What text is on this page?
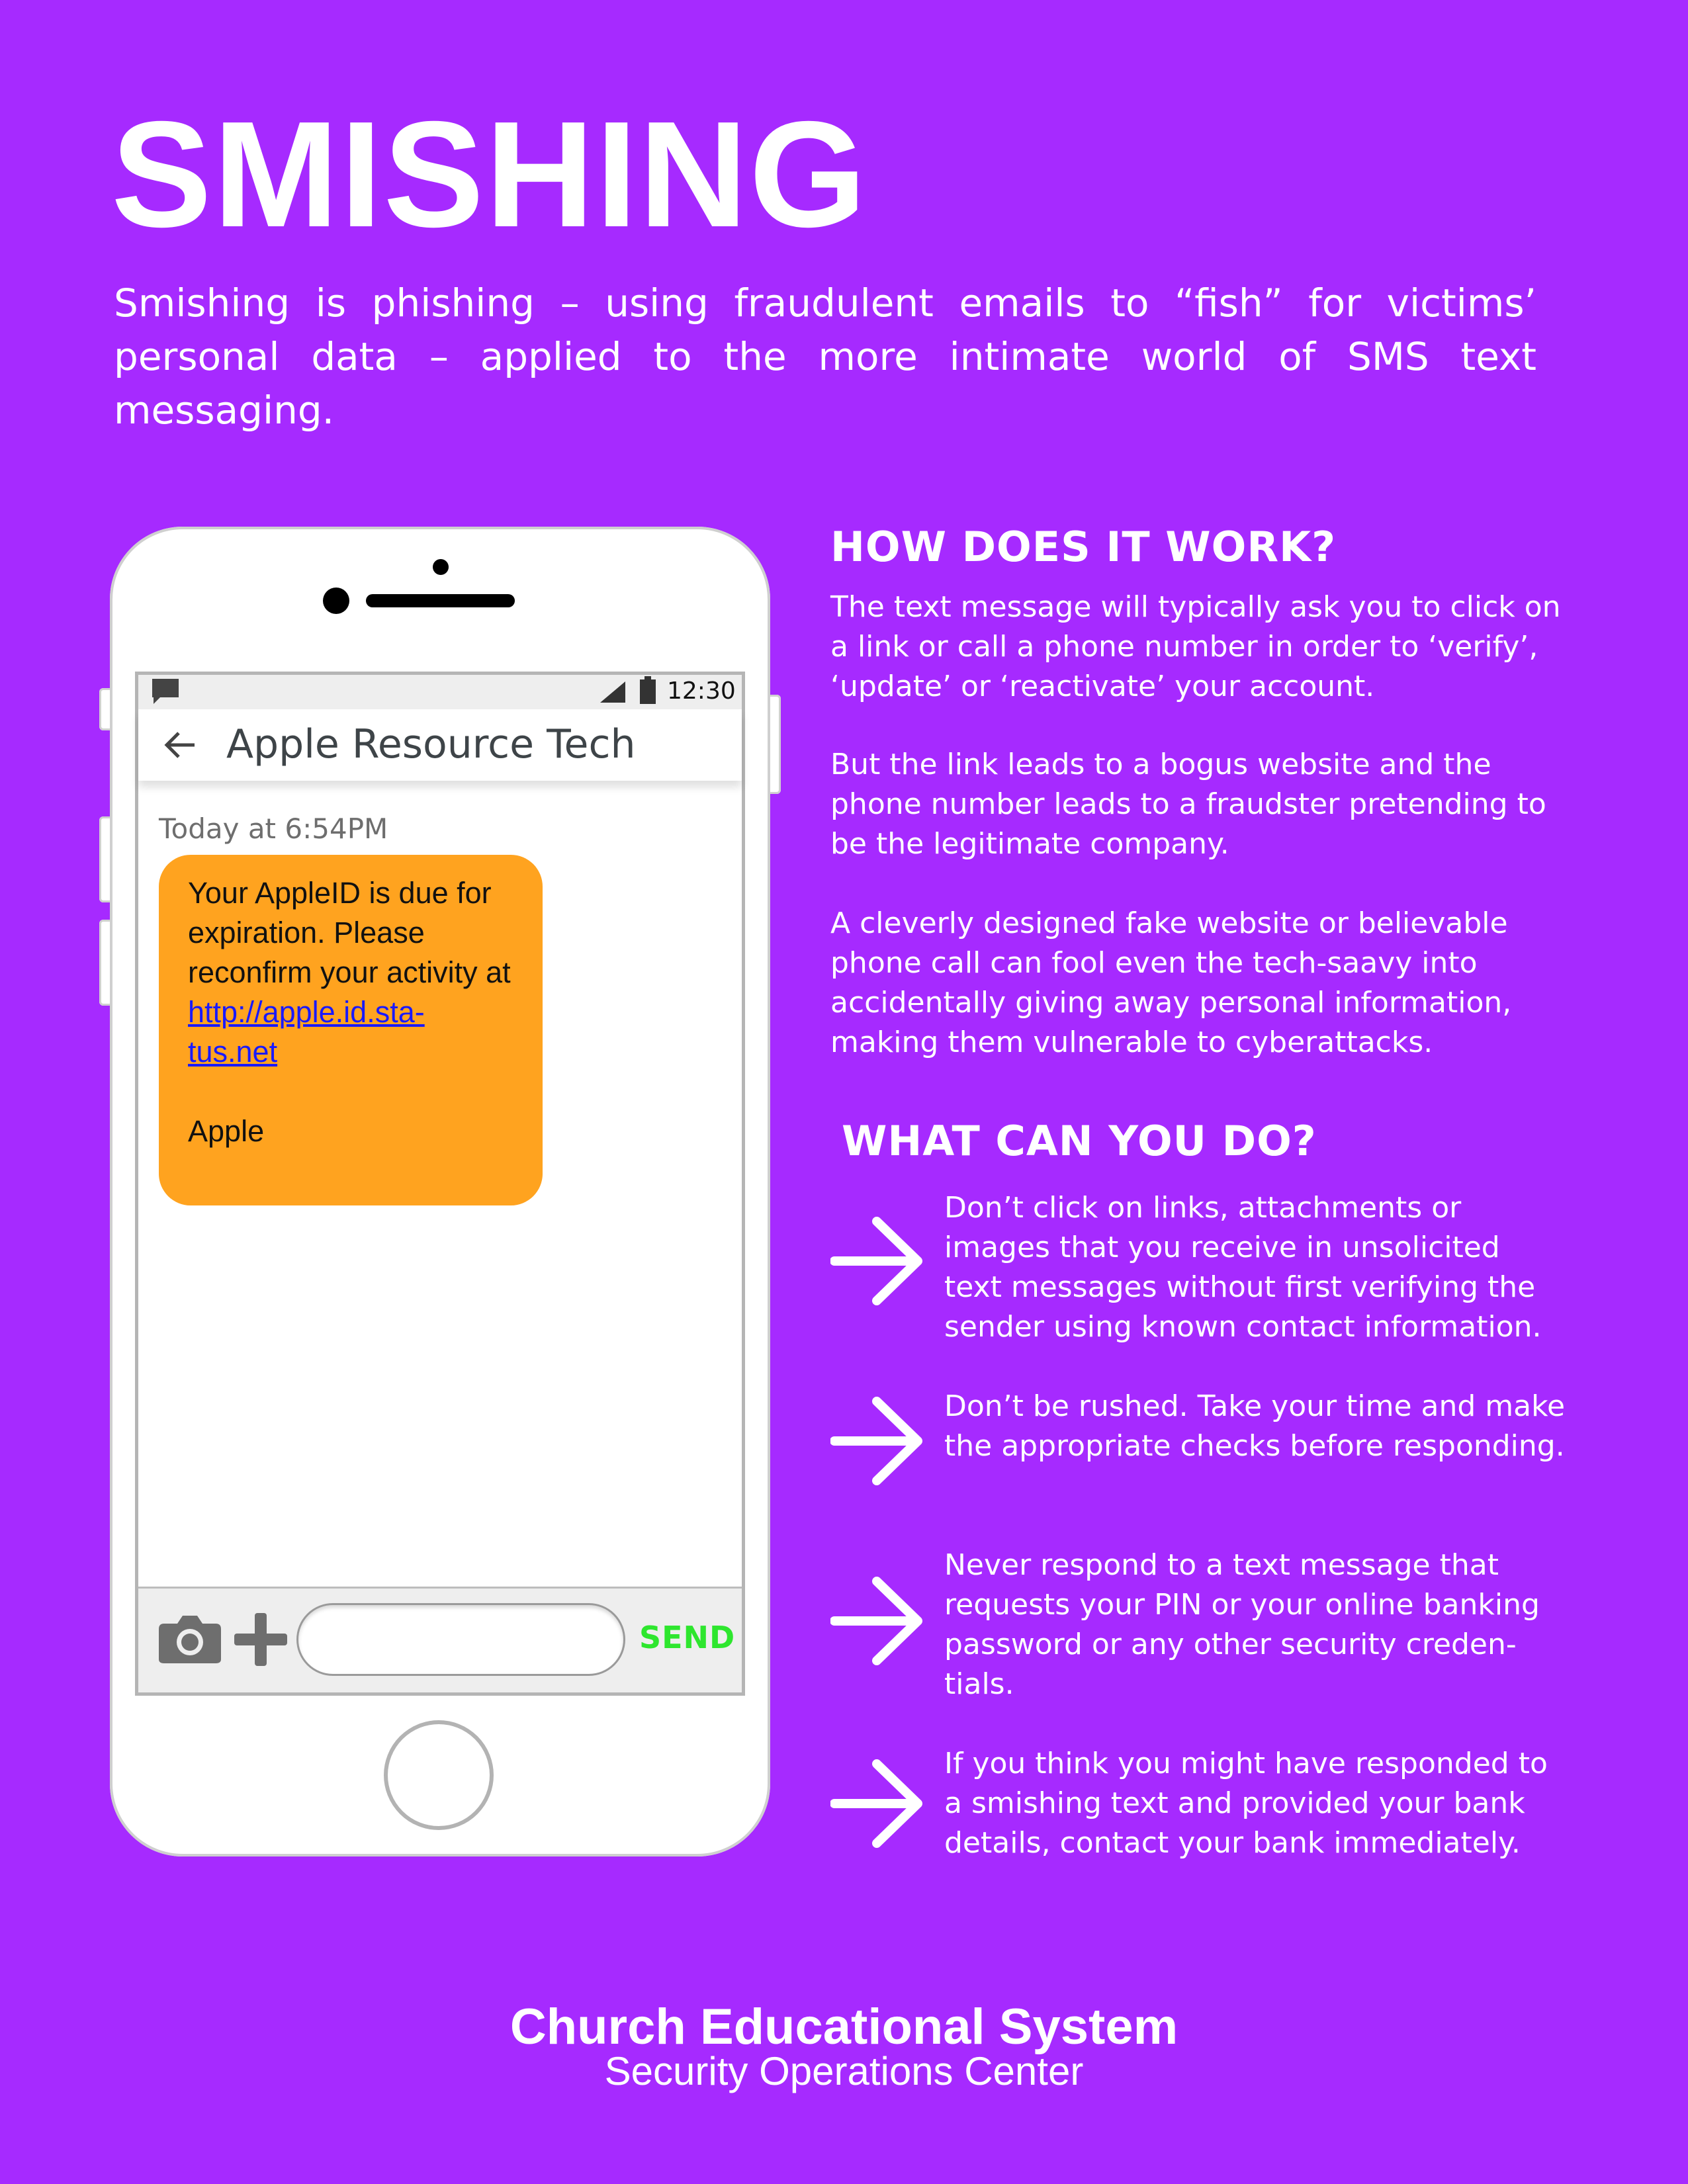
SMISHING

Smishing is phishing – using fraudulent emails to “fish” for victims’ personal data – applied to the more intimate world of SMS text messaging.

12:30
Apple Resource Tech
Today at 6:54PM

Your AppleID is due for expiration. Please reconfirm your activity at http://apple.id.sta-
tus.net

Apple

SEND
HOW DOES IT WORK?

The text message will typically ask you to click on a link or call a phone number in order to ‘verify’, ‘update’ or ‘reactivate’ your account.

But the link leads to a bogus website and the phone number leads to a fraudster pretending to be the legitimate company.

A cleverly designed fake website or believable phone call can fool even the tech-saavy into accidentally giving away personal information, making them vulnerable to cyberattacks.

WHAT CAN YOU DO?

Don’t click on links, attachments or images that you receive in unsolicited text messages without first verifying the sender using known contact information.

Don’t be rushed. Take your time and make the appropriate checks before responding.

Never respond to a text message that requests your PIN or your online banking password or any other security creden-tials.

If you think you might have responded to a smishing text and provided your bank details, contact your bank immediately.

Church Educational System
Security Operations Center
